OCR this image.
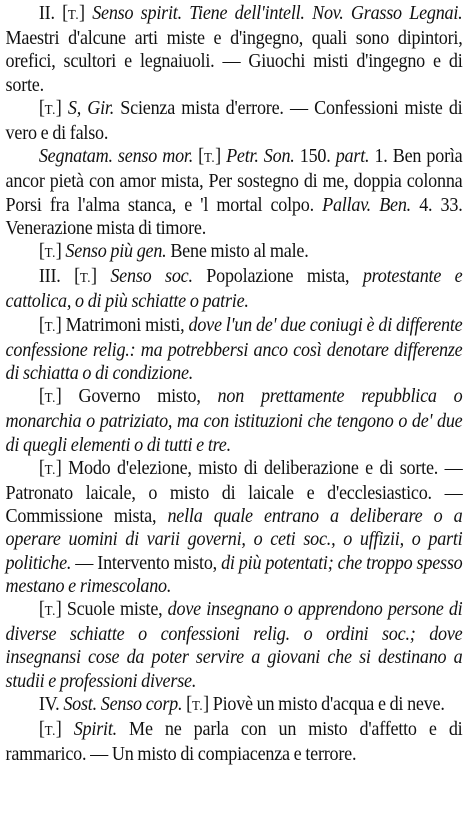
II. [T.] Senso spirit. Tiene dell'intell. Nov. Grasso Legnai. Maestri d'alcune arti miste e d'ingegno, quali sono dipintori, orefici, scultori e legnaiuoli. — Giuochi misti d'ingegno e di sorte.

[T.] S, Gir. Scienza mista d'errore. — Confessioni miste di vero e di falso.

Segnatam. senso mor. [T.] Petr. Son. 150. part. 1. Ben porìa ancor pietà con amor mista, Per sostegno di me, doppia colonna Porsi fra l'alma stanca, e 'l mortal colpo. Pallav. Ben. 4. 33. Venerazione mista di timore.

[T.] Senso più gen. Bene misto al male.

III. [T.] Senso soc. Popolazione mista, protestante e cattolica, o di più schiatte o patrie.

[T.] Matrimoni misti, dove l'un de' due coniugi è di differente confessione relig.: ma potrebbersi anco così denotare differenze di schiatta o di condizione.

[T.] Governo misto, non prettamente repubblica o monarchia o patriziato, ma con istituzioni che tengono o de' due di quegli elementi o di tutti e tre.

[T.] Modo d'elezione, misto di deliberazione e di sorte. — Patronato laicale, o misto di laicale e d'ecclesiastico. — Commissione mista, nella quale entrano a deliberare o a operare uomini di varii governi, o ceti soc., o uffizii, o parti politiche. — Intervento misto, di più potentati; che troppo spesso mestano e rimescolano.

[T.] Scuole miste, dove insegnano o apprendono persone di diverse schiatte o confessioni relig. o ordini soc.; dove insegnansi cose da poter servire a giovani che si destinano a studii e professioni diverse.

IV. Sost. Senso corp. [T.] Piovè un misto d'acqua e di neve.

[T.] Spirit. Me ne parla con un misto d'affetto e di rammarico. — Un misto di compiacenza e terrore.
